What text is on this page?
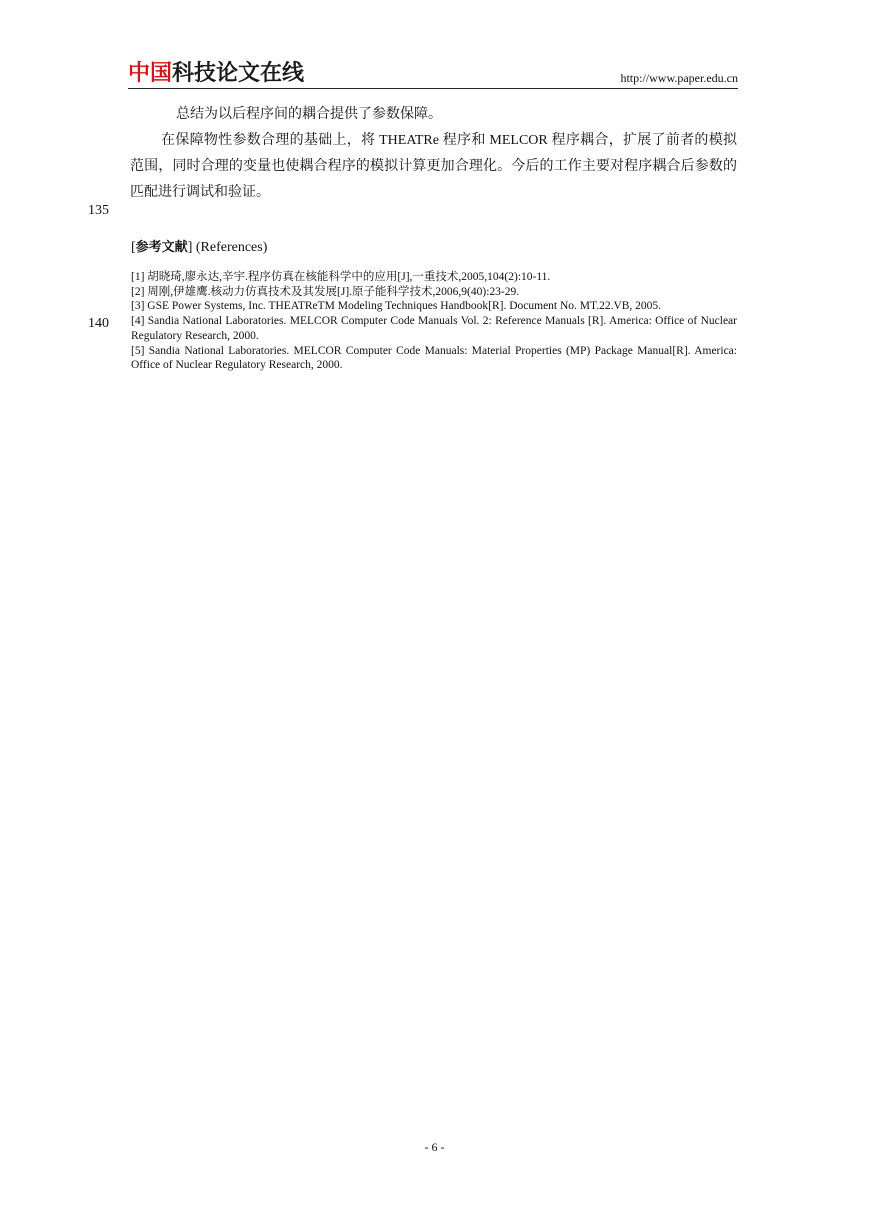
中国科技论文在线	http://www.paper.edu.cn
总结为以后程序间的耦合提供了参数保障。
在保障物性参数合理的基础上，将 THEATRe 程序和 MELCOR 程序耦合，扩展了前者的模拟范围，同时合理的变量也使耦合程序的模拟计算更加合理化。今后的工作主要对程序耦合后参数的匹配进行调试和验证。
135
140
[参考文献] (References)

[1] 胡晓琦,廖永达,辛宇.程序仿真在核能科学中的应用[J],一重技术,2005,104(2):10-11.

[2] 周刚,伊雄鹰.核动力仿真技术及其发展[J].原子能科学技术,2006,9(40):23-29.

[3] GSE Power Systems, Inc. THEATReTM Modeling Techniques Handbook[R]. Document No. MT.22.VB, 2005.

[4] Sandia National Laboratories. MELCOR Computer Code Manuals Vol. 2: Reference Manuals [R]. America: Office of Nuclear Regulatory Research, 2000.

[5] Sandia National Laboratories. MELCOR Computer Code Manuals: Material Properties (MP) Package Manual[R]. America: Office of Nuclear Regulatory Research, 2000.

- 6 -
